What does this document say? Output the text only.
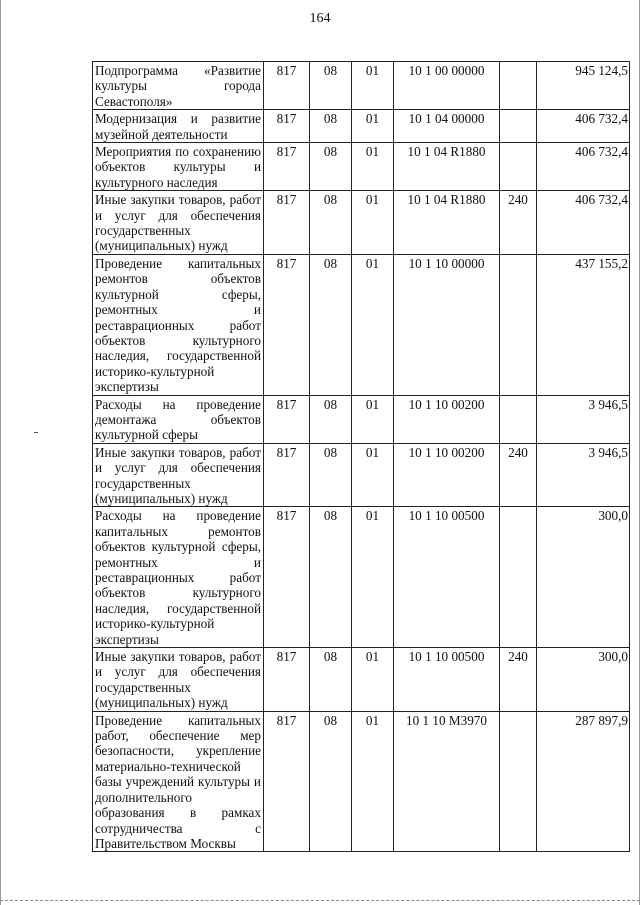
164
Подпрограмма «Развитие культуры города Севастополя»	817	08	01	10 1 00 00000		945 124,5
Модернизация и развитие музейной деятельности	817	08	01	10 1 04 00000		406 732,4
Мероприятия по сохранению объектов культуры и культурного наследия	817	08	01	10 1 04 R1880		406 732,4
Иные закупки товаров, работ и услуг для обеспечения государственных (муниципальных) нужд	817	08	01	10 1 04 R1880	240	406 732,4
Проведение капитальных ремонтов объектов культурной сферы, ремонтных и реставрационных работ объектов культурного наследия, государственной историко-культурной экспертизы	817	08	01	10 1 10 00000		437 155,2
Расходы на проведение демонтажа объектов культурной сферы	817	08	01	10 1 10 00200		3 946,5
Иные закупки товаров, работ и услуг для обеспечения государственных (муниципальных) нужд	817	08	01	10 1 10 00200	240	3 946,5
Расходы на проведение капитальных ремонтов объектов культурной сферы, ремонтных и реставрационных работ объектов культурного наследия, государственной историко-культурной экспертизы	817	08	01	10 1 10 00500		300,0
Иные закупки товаров, работ и услуг для обеспечения государственных (муниципальных) нужд	817	08	01	10 1 10 00500	240	300,0
Проведение капитальных работ, обеспечение мер безопасности, укрепление материально-технической базы учреждений культуры и дополнительного образования в рамках сотрудничества с Правительством Москвы	817	08	01	10 1 10 M3970		287 897,9
